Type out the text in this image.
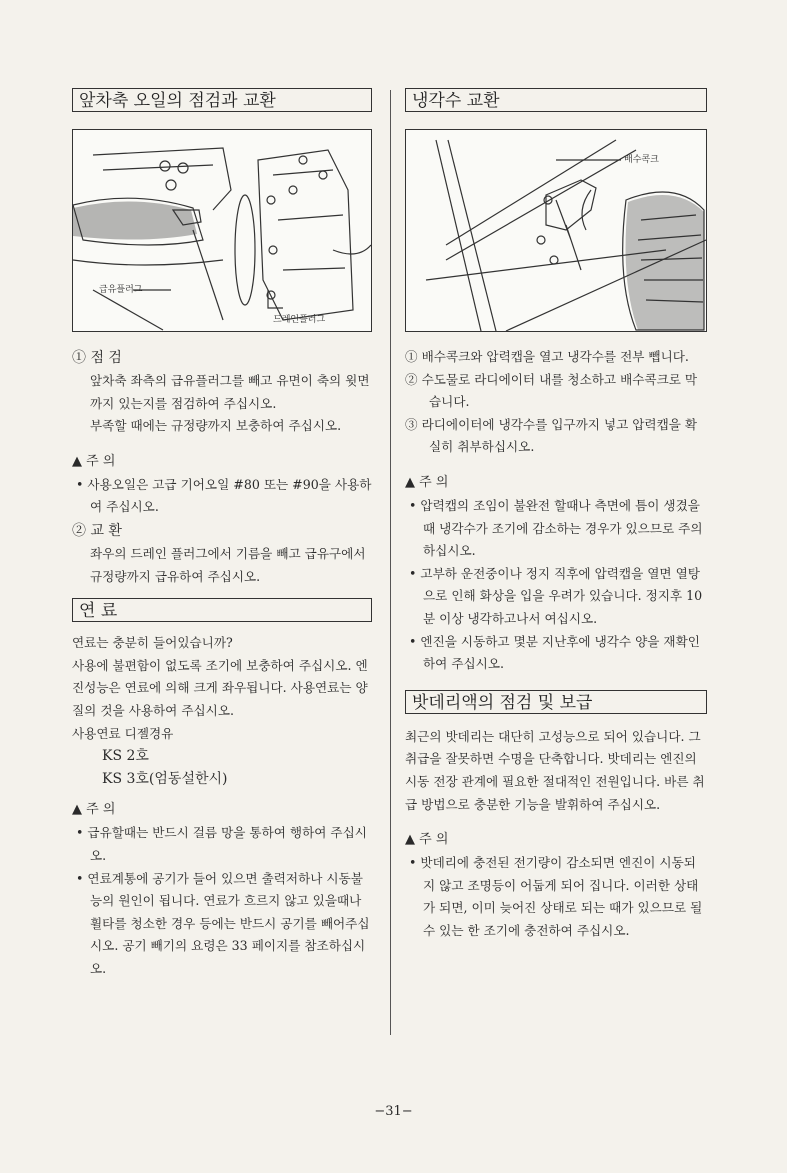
앞차축 오일의 점검과 교환
급유플러그
드레인플러그

① 점 검

앞차축 좌측의 급유플러그를 빼고 유면이 축의 윗면까지 있는지를 점검하여 주십시오.

부족할 때에는 규정량까지 보충하여 주십시오.

▲ 주 의

• 사용오일은 고급 기어오일 #80 또는 #90을 사용하여 주십시오.

② 교 환

좌우의 드레인 플러그에서 기름을 빼고 급유구에서 규정량까지 급유하여 주십시오.

연 료

연료는 충분히 들어있습니까?

사용에 불편함이 없도록 조기에 보충하여 주십시오. 엔진성능은 연료에 의해 크게 좌우됩니다. 사용연료는 양질의 것을 사용하여 주십시오.

사용연료 디젤경유

KS 2호

KS 3호(엄동설한시)

▲ 주 의

• 급유할때는 반드시 걸름 망을 통하여 행하여 주십시오.

• 연료계통에 공기가 들어 있으면 출력저하나 시동불능의 원인이 됩니다. 연료가 흐르지 않고 있을때나 휠타를 청소한 경우 등에는 반드시 공기를 빼어주십시오. 공기 빼기의 요령은 33 페이지를 참조하십시오.

냉각수 교환
배수콕크

① 배수콕크와 압력캡을 열고 냉각수를 전부 뺍니다.

② 수도물로 라디에이터 내를 청소하고 배수콕크로 막습니다.

③ 라디에이터에 냉각수를 입구까지 넣고 압력캡을 확실히 취부하십시오.

▲ 주 의

• 압력캡의 조임이 불완전 할때나 측면에 틈이 생겼을 때 냉각수가 조기에 감소하는 경우가 있으므로 주의 하십시오.

• 고부하 운전중이나 정지 직후에 압력캡을 열면 열탕으로 인해 화상을 입을 우려가 있습니다. 정지후 10분 이상 냉각하고나서 여십시오.

• 엔진을 시동하고 몇분 지난후에 냉각수 양을 재확인 하여 주십시오.

밧데리액의 점검 및 보급

최근의 밧데리는 대단히 고성능으로 되어 있습니다. 그 취급을 잘못하면 수명을 단축합니다. 밧데리는 엔진의 시동 전장 관계에 필요한 절대적인 전원입니다. 바른 취급 방법으로 충분한 기능을 발휘하여 주십시오.

▲ 주 의

• 밧데리에 충전된 전기량이 감소되면 엔진이 시동되지 않고 조명등이 어둡게 되어 집니다. 이러한 상태가 되면, 이미 늦어진 상태로 되는 때가 있으므로 될 수 있는 한 조기에 충전하여 주십시오.

−31−
